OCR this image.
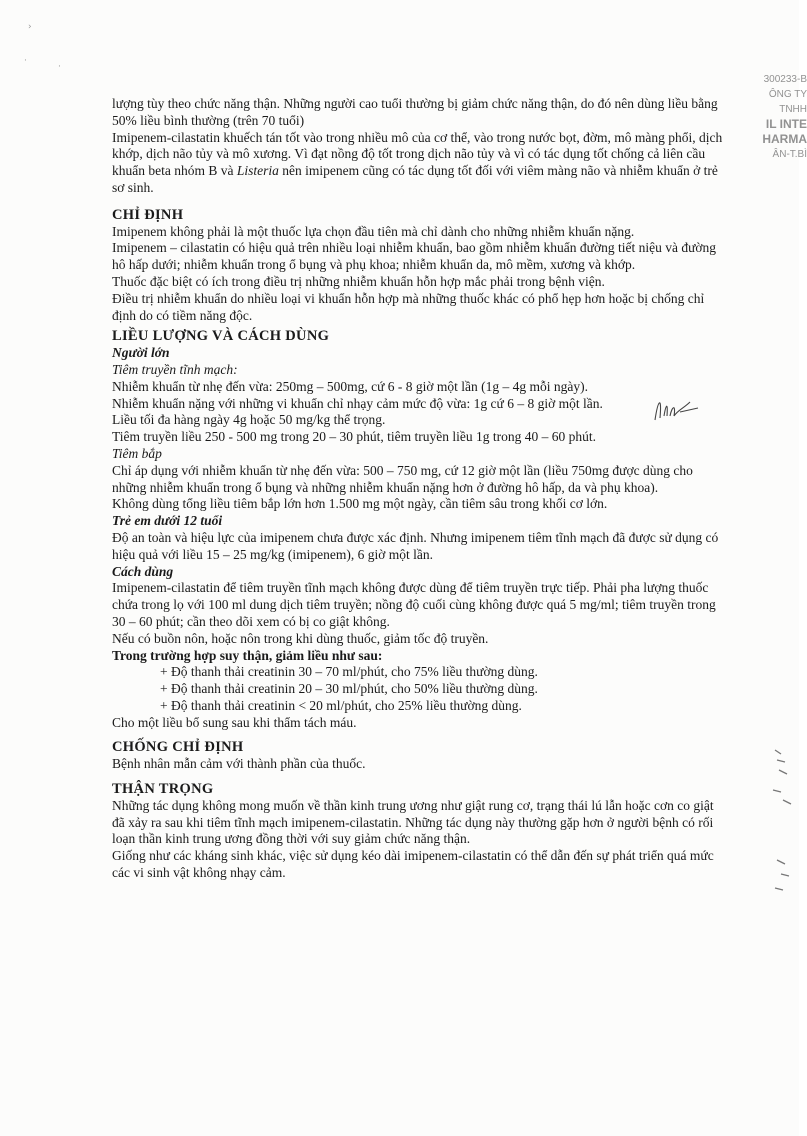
›
·
·
300233-B
ÔNG TY
TNHH
IL INTE
HARMA
ÂN-T.BÌ

lượng tùy theo chức năng thận. Những người cao tuổi thường bị giảm chức năng thận, do đó nên dùng liều bằng 50% liều bình thường (trên 70 tuổi)

Imipenem-cilastatin khuếch tán tốt vào trong nhiều mô của cơ thể, vào trong nước bọt, đờm, mô màng phổi, dịch khớp, dịch não tủy và mô xương. Vì đạt nồng độ tốt trong dịch não tủy và vì có tác dụng tốt chống cả liên cầu khuẩn beta nhóm B và Listeria nên imipenem cũng có tác dụng tốt đối với viêm màng não và nhiễm khuẩn ở trẻ sơ sinh.

CHỈ ĐỊNH

Imipenem không phải là một thuốc lựa chọn đầu tiên mà chỉ dành cho những nhiễm khuẩn nặng.

Imipenem – cilastatin có hiệu quả trên nhiều loại nhiễm khuẩn, bao gồm nhiễm khuẩn đường tiết niệu và đường hô hấp dưới; nhiễm khuẩn trong ổ bụng và phụ khoa; nhiễm khuẩn da, mô mềm, xương và khớp.

Thuốc đặc biệt có ích trong điều trị những nhiễm khuẩn hỗn hợp mắc phải trong bệnh viện.

Điều trị nhiễm khuẩn do nhiều loại vi khuẩn hỗn hợp mà những thuốc khác có phổ hẹp hơn hoặc bị chống chỉ định do có tiềm năng độc.

LIỀU LƯỢNG VÀ CÁCH DÙNG

Người lớn

Tiêm truyền tĩnh mạch:

Nhiễm khuẩn từ nhẹ đến vừa: 250mg – 500mg, cứ 6 - 8 giờ một lần (1g – 4g mỗi ngày).

Nhiễm khuẩn nặng với những vi khuẩn chỉ nhạy cảm mức độ vừa: 1g cứ 6 – 8 giờ một lần.

Liều tối đa hàng ngày 4g hoặc 50 mg/kg thể trọng.

Tiêm truyền liều 250 - 500 mg trong 20 – 30 phút, tiêm truyền liều 1g trong 40 – 60 phút.

Tiêm bắp

Chỉ áp dụng với nhiễm khuẩn từ nhẹ đến vừa: 500 – 750 mg, cứ 12 giờ một lần (liều 750mg được dùng cho những nhiễm khuẩn trong ổ bụng và những nhiễm khuẩn nặng hơn ở đường hô hấp, da và phụ khoa).

Không dùng tổng liều tiêm bắp lớn hơn 1.500 mg một ngày, cần tiêm sâu trong khối cơ lớn.

Trẻ em dưới 12 tuổi

Độ an toàn và hiệu lực của imipenem chưa được xác định. Nhưng imipenem tiêm tĩnh mạch đã được sử dụng có hiệu quả với liều 15 – 25 mg/kg (imipenem), 6 giờ một lần.

Cách dùng

Imipenem-cilastatin để tiêm truyền tĩnh mạch không được dùng để tiêm truyền trực tiếp. Phải pha lượng thuốc chứa trong lọ với 100 ml dung dịch tiêm truyền; nồng độ cuối cùng không được quá 5 mg/ml; tiêm truyền trong 30 – 60 phút; cần theo dõi xem có bị co giật không.

Nếu có buồn nôn, hoặc nôn trong khi dùng thuốc, giảm tốc độ truyền.

Trong trường hợp suy thận, giảm liều như sau:

+ Độ thanh thải creatinin 30 – 70 ml/phút, cho 75% liều thường dùng.

+ Độ thanh thải creatinin 20 – 30 ml/phút, cho 50% liều thường dùng.

+ Độ thanh thải creatinin < 20 ml/phút, cho 25% liều thường dùng.

Cho một liều bổ sung sau khi thẩm tách máu.

CHỐNG CHỈ ĐỊNH

Bệnh nhân mẫn cảm với thành phần của thuốc.

THẬN TRỌNG

Những tác dụng không mong muốn về thần kinh trung ương như giật rung cơ, trạng thái lú lẫn hoặc cơn co giật đã xảy ra sau khi tiêm tĩnh mạch imipenem-cilastatin. Những tác dụng này thường gặp hơn ở người bệnh có rối loạn thần kinh trung ương đồng thời với suy giảm chức năng thận.

Giống như các kháng sinh khác, việc sử dụng kéo dài imipenem-cilastatin có thể dẫn đến sự phát triển quá mức các vi sinh vật không nhạy cảm.
